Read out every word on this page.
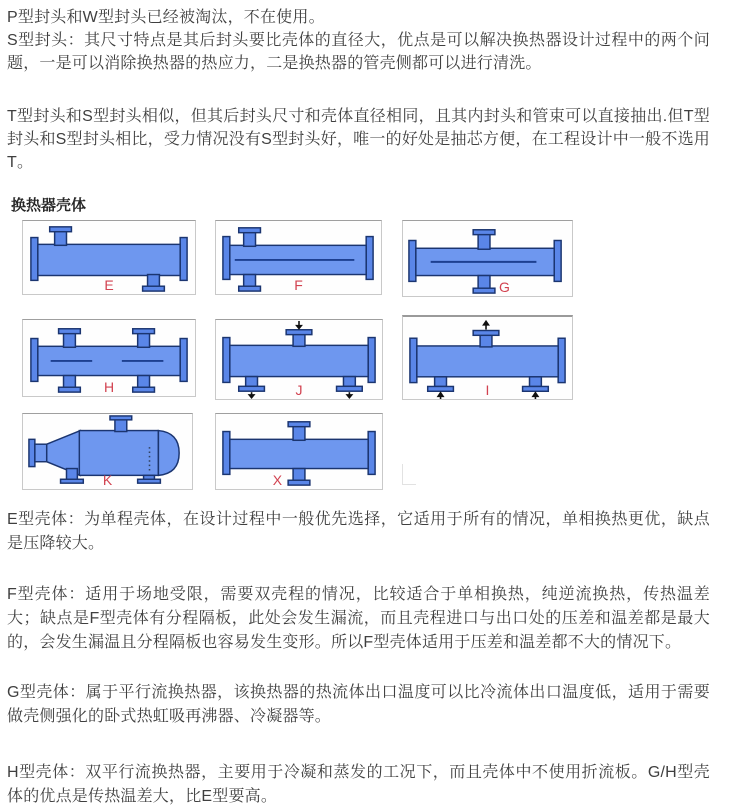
P型封头和W型封头已经被淘汰，不在使用。

S型封头：其尺寸特点是其后封头要比壳体的直径大，优点是可以解决换热器设计过程中的两个问题，一是可以消除换热器的热应力，二是换热器的管壳侧都可以进行清洗。

T型封头和S型封头相似，但其后封头尺寸和壳体直径相同，且其内封头和管束可以直接抽出.但T型封头和S型封头相比，受力情况没有S型封头好，唯一的好处是抽芯方便，在工程设计中一般不选用T。

换热器壳体
E	F	G
H	J	I
K	X

E型壳体：为单程壳体，在设计过程中一般优先选择，它适用于所有的情况，单相换热更优，缺点是压降较大。

F型壳体：适用于场地受限，需要双壳程的情况，比较适合于单相换热，纯逆流换热，传热温差大；缺点是F型壳体有分程隔板，此处会发生漏流，而且壳程进口与出口处的压差和温差都是最大的，会发生漏温且分程隔板也容易发生变形。所以F型壳体适用于压差和温差都不大的情况下。

G型壳体：属于平行流换热器，该换热器的热流体出口温度可以比冷流体出口温度低，适用于需要做壳侧强化的卧式热虹吸再沸器、冷凝器等。

H型壳体：双平行流换热器，主要用于冷凝和蒸发的工况下，而且壳体中不使用折流板。G/H型壳体的优点是传热温差大，比E型要高。
